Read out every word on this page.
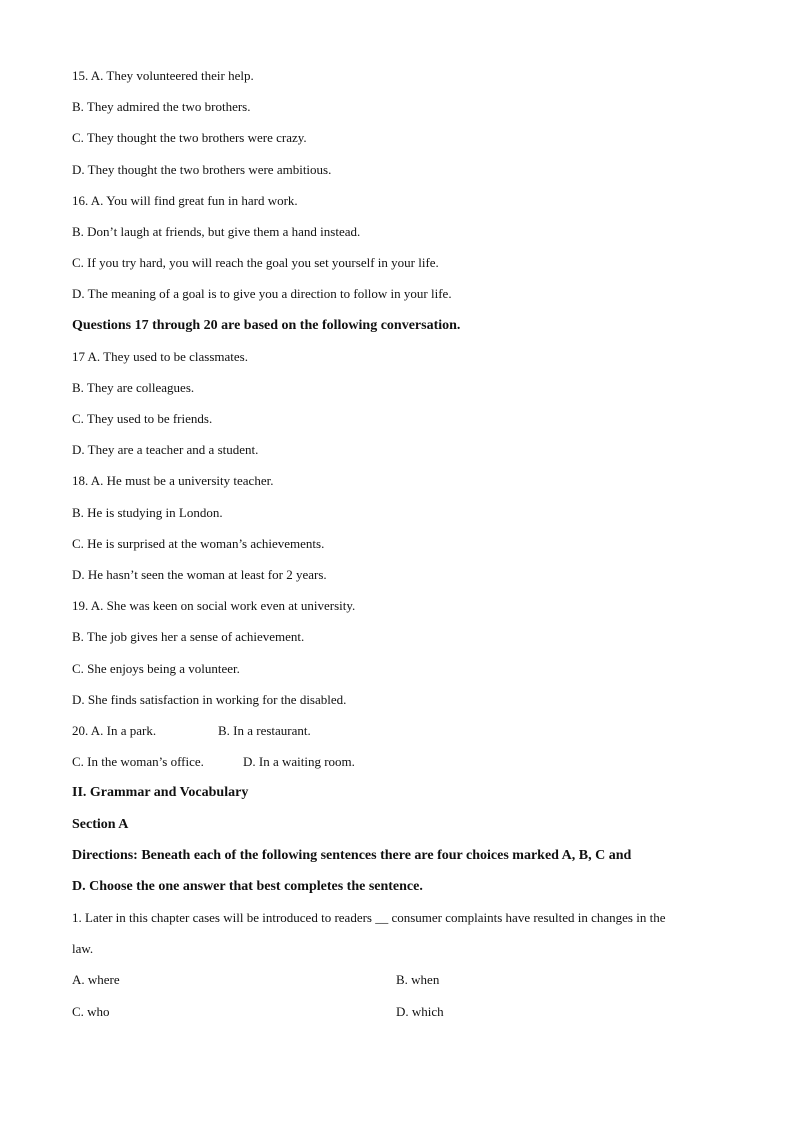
15. A. They volunteered their help.
B. They admired the two brothers.
C. They thought the two brothers were crazy.
D. They thought the two brothers were ambitious.
16. A. You will find great fun in hard work.
B. Don’t laugh at friends, but give them a hand instead.
C. If you try hard, you will reach the goal you set yourself in your life.
D. The meaning of a goal is to give you a direction to follow in your life.
Questions 17 through 20 are based on the following conversation.
17 A. They used to be classmates.
B. They are colleagues.
C. They used to be friends.
D. They are a teacher and a student.
18. A. He must be a university teacher.
B. He is studying in London.
C. He is surprised at the woman’s achievements.
D. He hasn’t seen the woman at least for 2 years.
19. A. She was keen on social work even at university.
B. The job gives her a sense of achievement.
C. She enjoys being a volunteer.
D. She finds satisfaction in working for the disabled.
20. A. In a park.	B. In a restaurant.
C. In the woman’s office.	D. In a waiting room.
II. Grammar and Vocabulary
Section A
Directions: Beneath each of the following sentences there are four choices marked A, B, C and
D. Choose the one answer that best completes the sentence.
1. Later in this chapter cases will be introduced to readers __ consumer complaints have resulted in changes in the
law.
A. where	B. when
C. who	D. which
